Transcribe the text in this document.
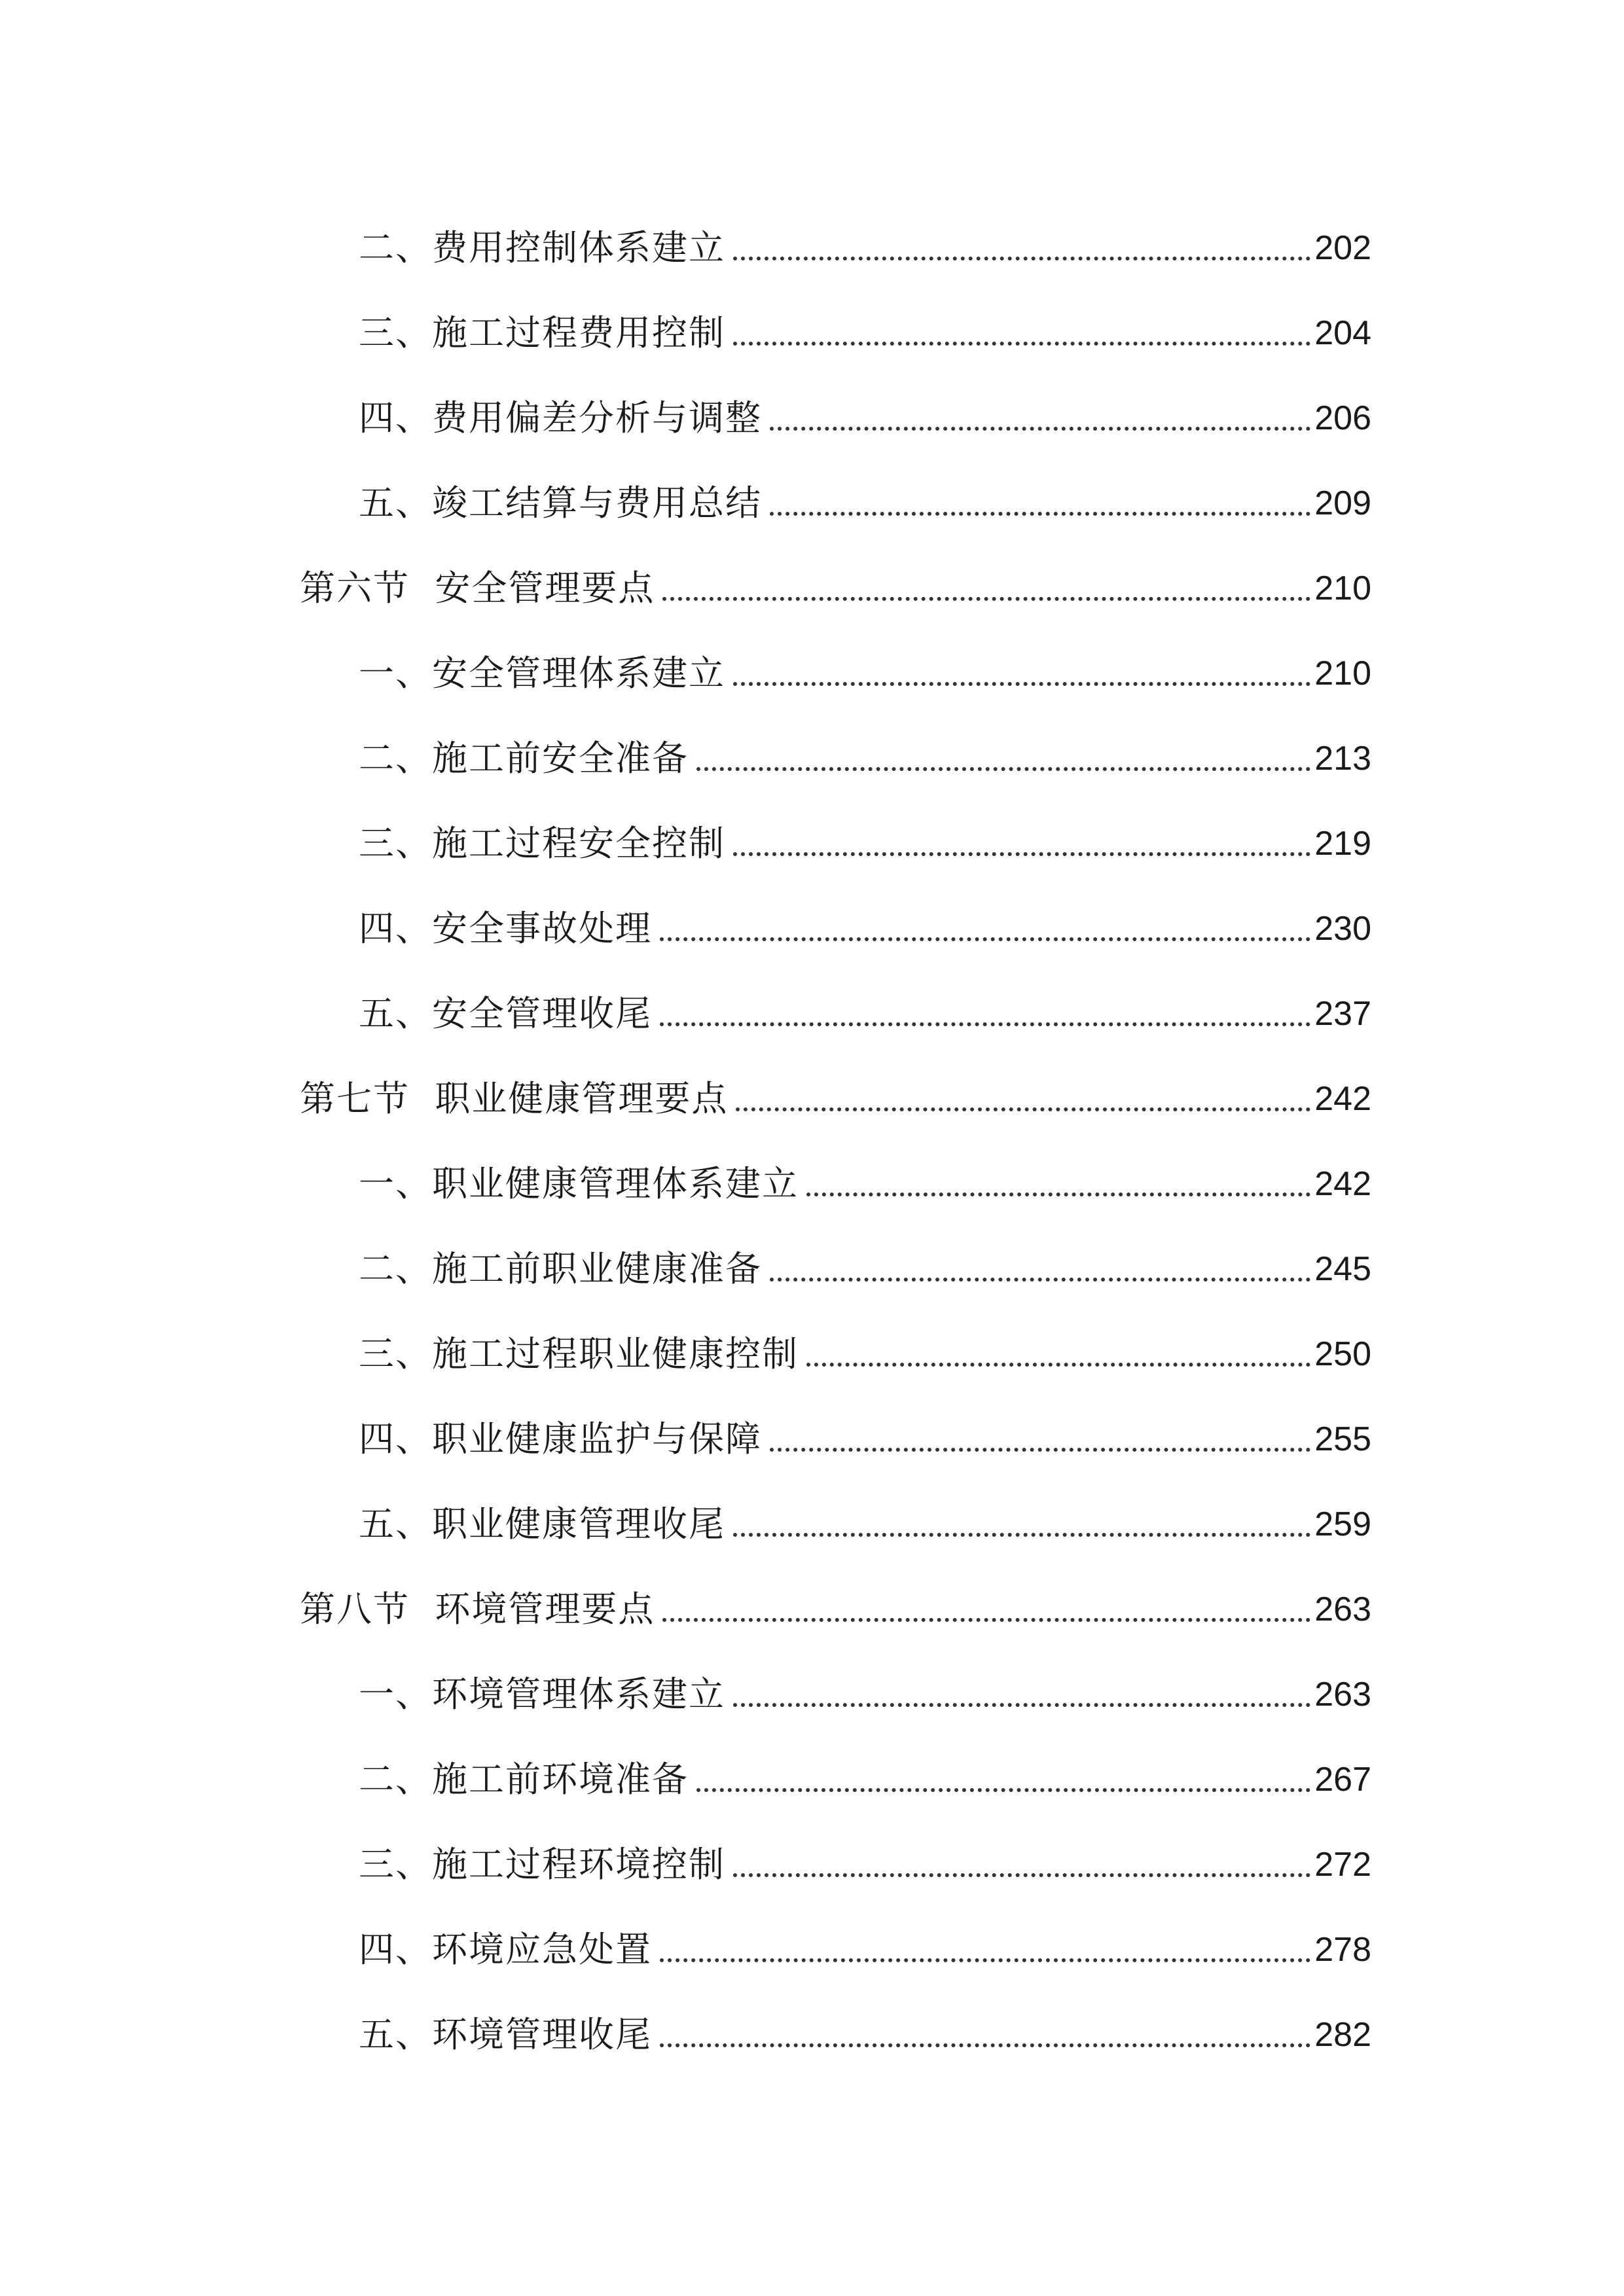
二、费用控制体系建立	202
三、施工过程费用控制	204
四、费用偏差分析与调整	206
五、竣工结算与费用总结	209
第六节  安全管理要点	210
一、安全管理体系建立	210
二、施工前安全准备	213
三、施工过程安全控制	219
四、安全事故处理	230
五、安全管理收尾	237
第七节  职业健康管理要点	242
一、职业健康管理体系建立	242
二、施工前职业健康准备	245
三、施工过程职业健康控制	250
四、职业健康监护与保障	255
五、职业健康管理收尾	259
第八节  环境管理要点	263
一、环境管理体系建立	263
二、施工前环境准备	267
三、施工过程环境控制	272
四、环境应急处置	278
五、环境管理收尾	282
